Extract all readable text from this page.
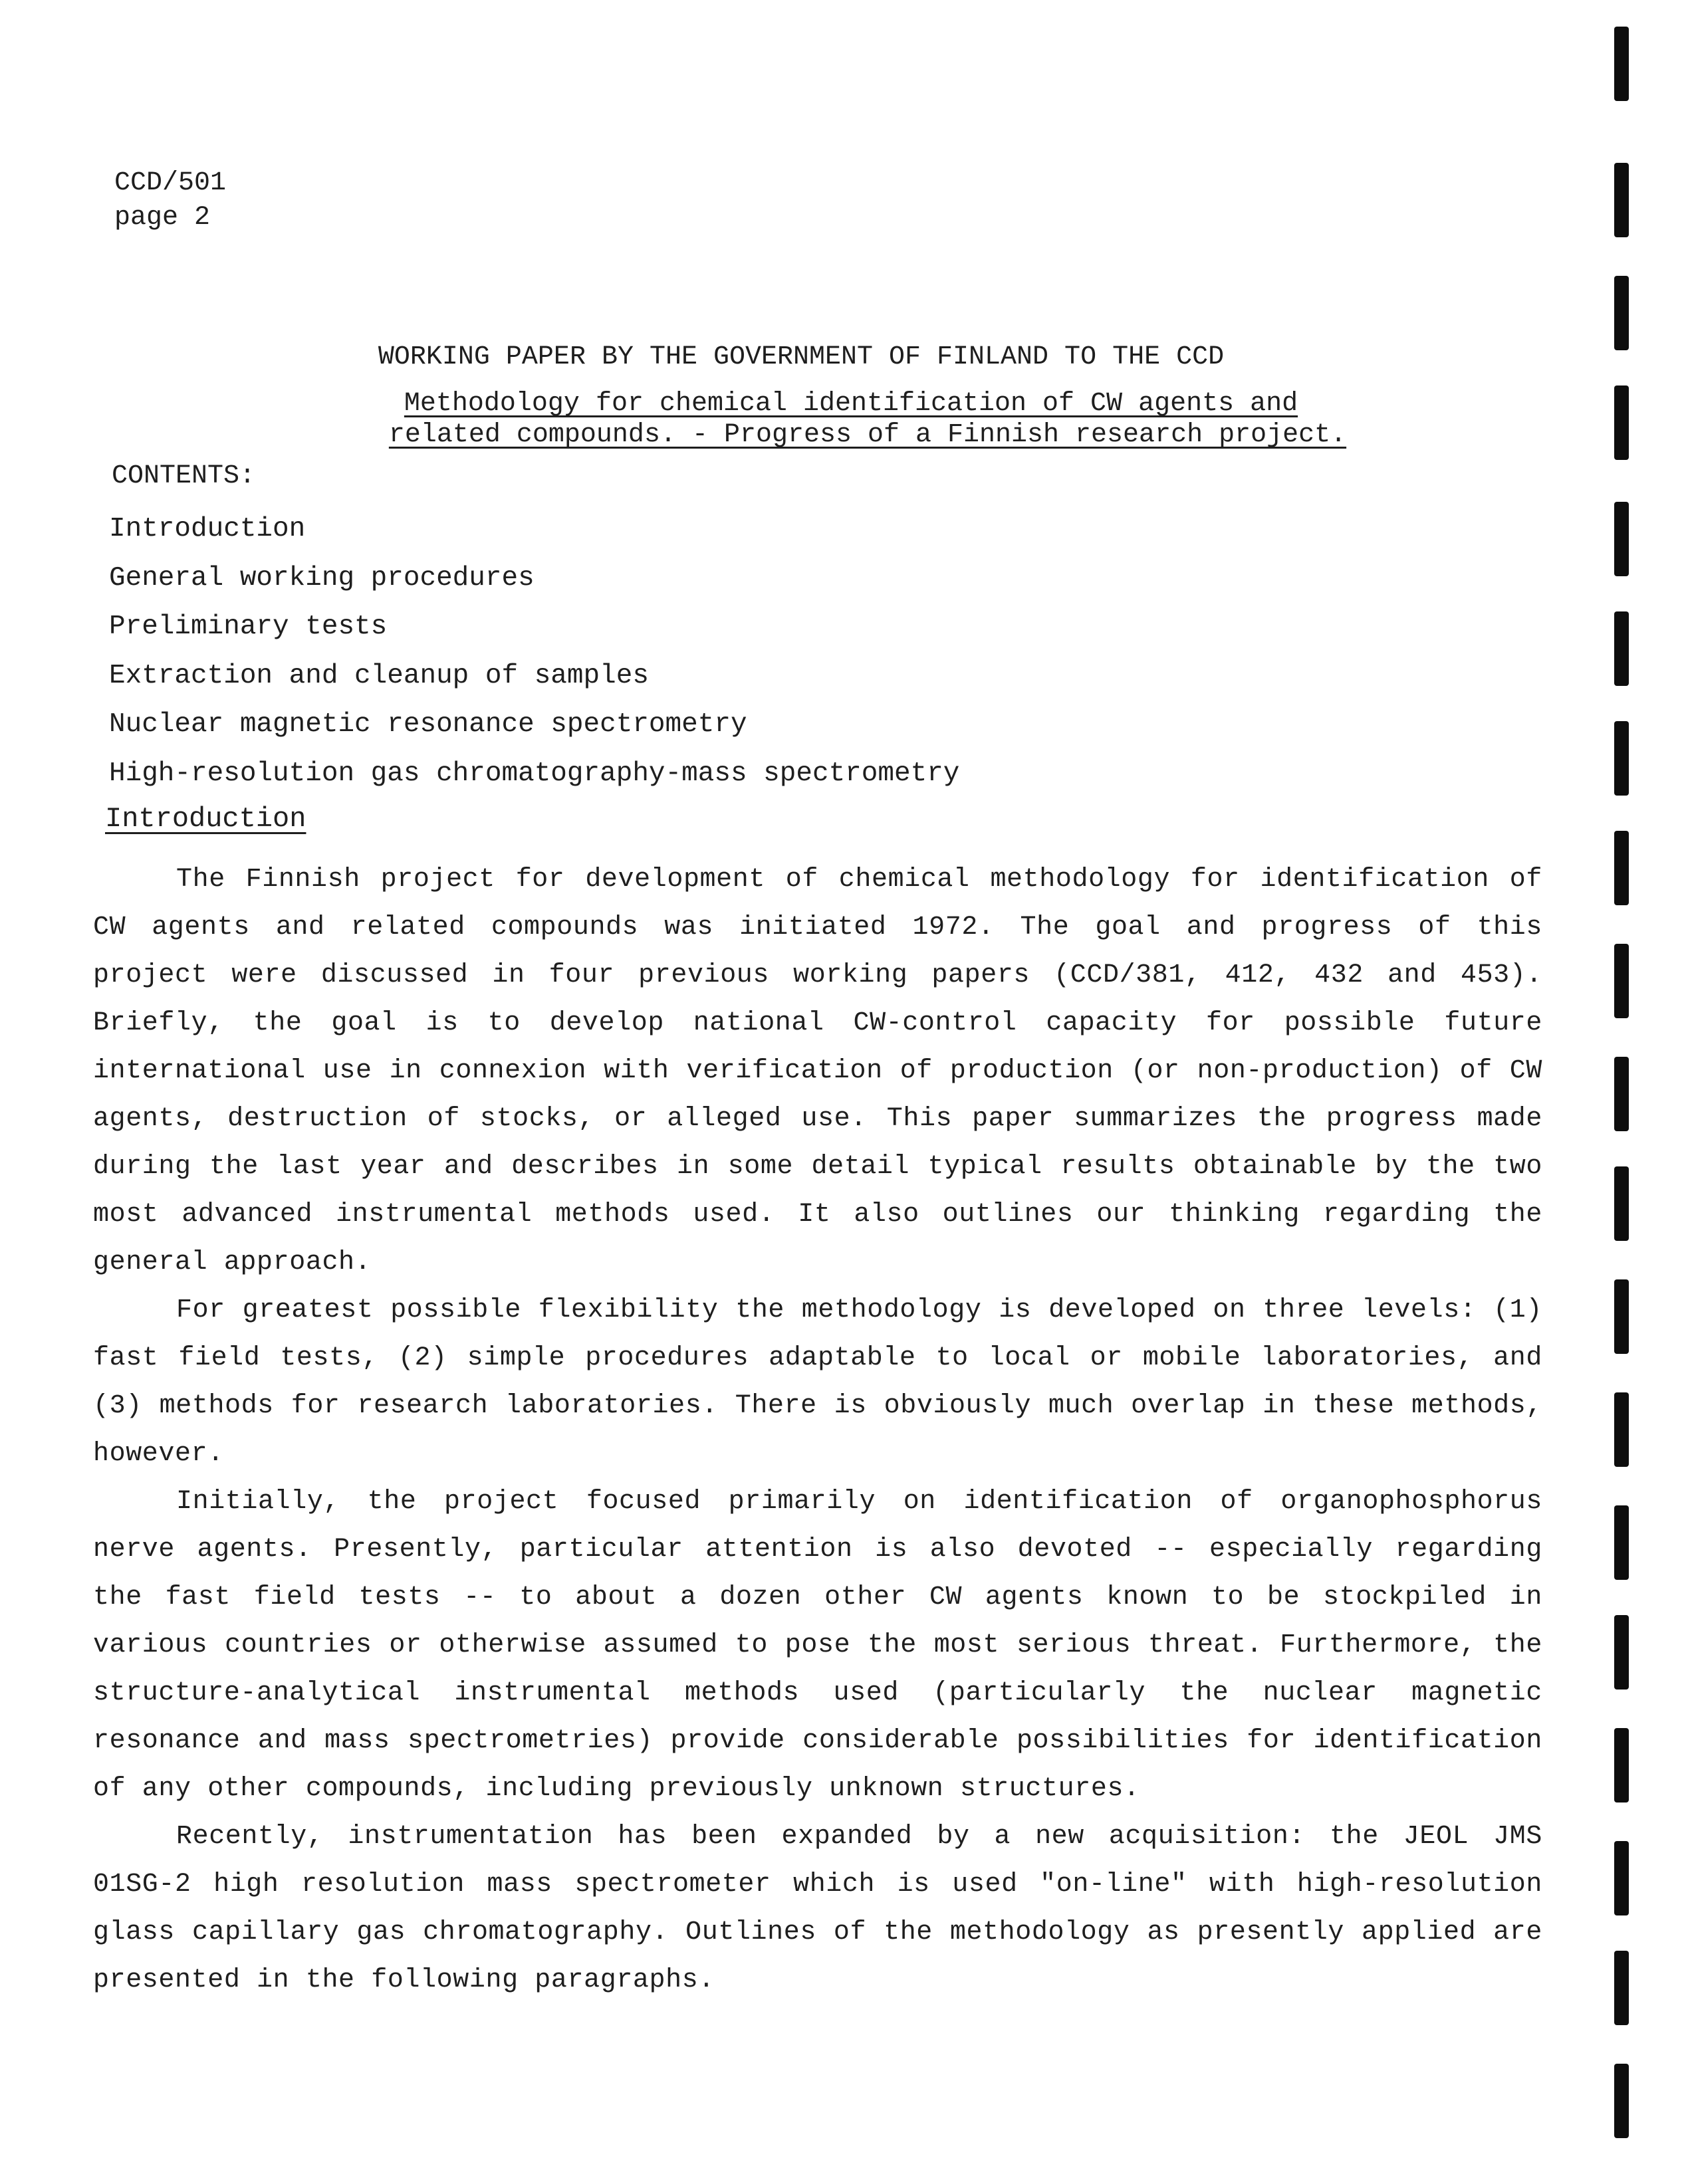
CCD/501
page 2
WORKING PAPER BY THE GOVERNMENT OF FINLAND TO THE CCD
Methodology for chemical identification of CW agents and
related compounds. - Progress of a Finnish research project.
CONTENTS:
Introduction
General working procedures
Preliminary tests
Extraction and cleanup of samples
Nuclear magnetic resonance spectrometry
High-resolution gas chromatography-mass spectrometry
Introduction

The Finnish project for development of chemical methodology for identification of CW agents and related compounds was initiated 1972. The goal and progress of this project were discussed in four previous working papers (CCD/381, 412, 432 and 453). Briefly, the goal is to develop national CW-control capacity for possible future international use in connexion with verification of production (or non-production) of CW agents, destruction of stocks, or alleged use. This paper summarizes the progress made during the last year and describes in some detail typical results obtainable by the two most advanced instrumental methods used. It also outlines our thinking regarding the general approach.

For greatest possible flexibility the methodology is developed on three levels: (1) fast field tests, (2) simple procedures adaptable to local or mobile laboratories, and (3) methods for research laboratories. There is obviously much overlap in these methods, however.

Initially, the project focused primarily on identification of organophosphorus nerve agents. Presently, particular attention is also devoted -- especially regarding the fast field tests -- to about a dozen other CW agents known to be stockpiled in various countries or otherwise assumed to pose the most serious threat. Furthermore, the structure-analytical instrumental methods used (particularly the nuclear magnetic resonance and mass spectrometries) provide considerable possibilities for identification of any other compounds, including previously unknown structures.

Recently, instrumentation has been expanded by a new acquisition: the JEOL JMS 01SG-2 high resolution mass spectrometer which is used "on-line" with high-resolution glass capillary gas chromatography. Outlines of the methodology as presently applied are presented in the following paragraphs.
